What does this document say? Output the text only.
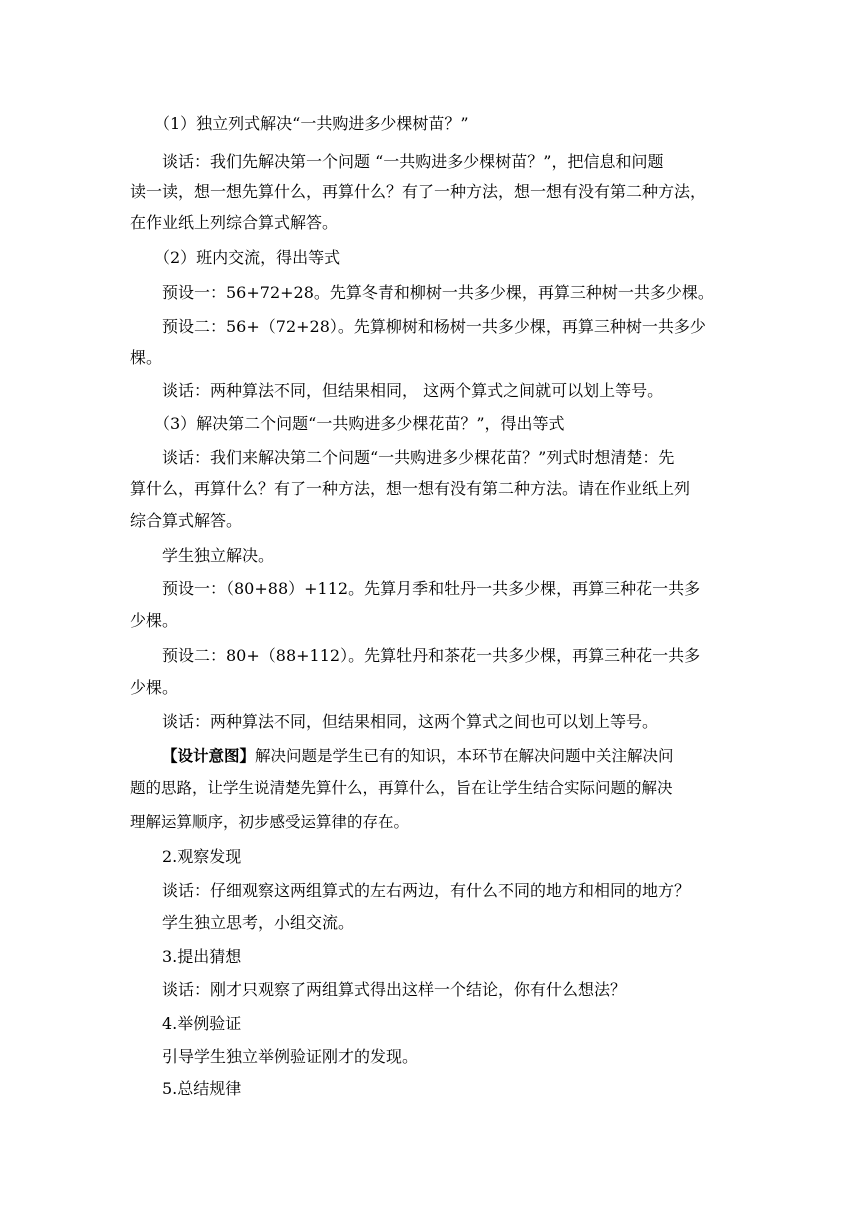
（1）独立列式解决“一共购进多少棵树苗？”
谈话：我们先解决第一个问题 “一共购进多少棵树苗？”，把信息和问题
读一读，想一想先算什么，再算什么？有了一种方法，想一想有没有第二种方法，
在作业纸上列综合算式解答。
（2）班内交流，得出等式
预设一：56+72+28。先算冬青和柳树一共多少棵，再算三种树一共多少棵。
预设二：56+（72+28）。先算柳树和杨树一共多少棵，再算三种树一共多少
棵。
谈话：两种算法不同，但结果相同， 这两个算式之间就可以划上等号。
（3）解决第二个问题“一共购进多少棵花苗？”，得出等式
谈话：我们来解决第二个问题“一共购进多少棵花苗？”列式时想清楚：先
算什么，再算什么？有了一种方法，想一想有没有第二种方法。请在作业纸上列
综合算式解答。
学生独立解决。
预设一：（80+88）+112。先算月季和牡丹一共多少棵，再算三种花一共多
少棵。
预设二：80+（88+112）。先算牡丹和茶花一共多少棵，再算三种花一共多
少棵。
谈话：两种算法不同，但结果相同，这两个算式之间也可以划上等号。
【设计意图】解决问题是学生已有的知识，本环节在解决问题中关注解决问
题的思路，让学生说清楚先算什么，再算什么，旨在让学生结合实际问题的解决
理解运算顺序，初步感受运算律的存在。
2.观察发现
谈话：仔细观察这两组算式的左右两边，有什么不同的地方和相同的地方？
学生独立思考，小组交流。
3.提出猜想
谈话：刚才只观察了两组算式得出这样一个结论，你有什么想法？
4.举例验证
引导学生独立举例验证刚才的发现。
5.总结规律
